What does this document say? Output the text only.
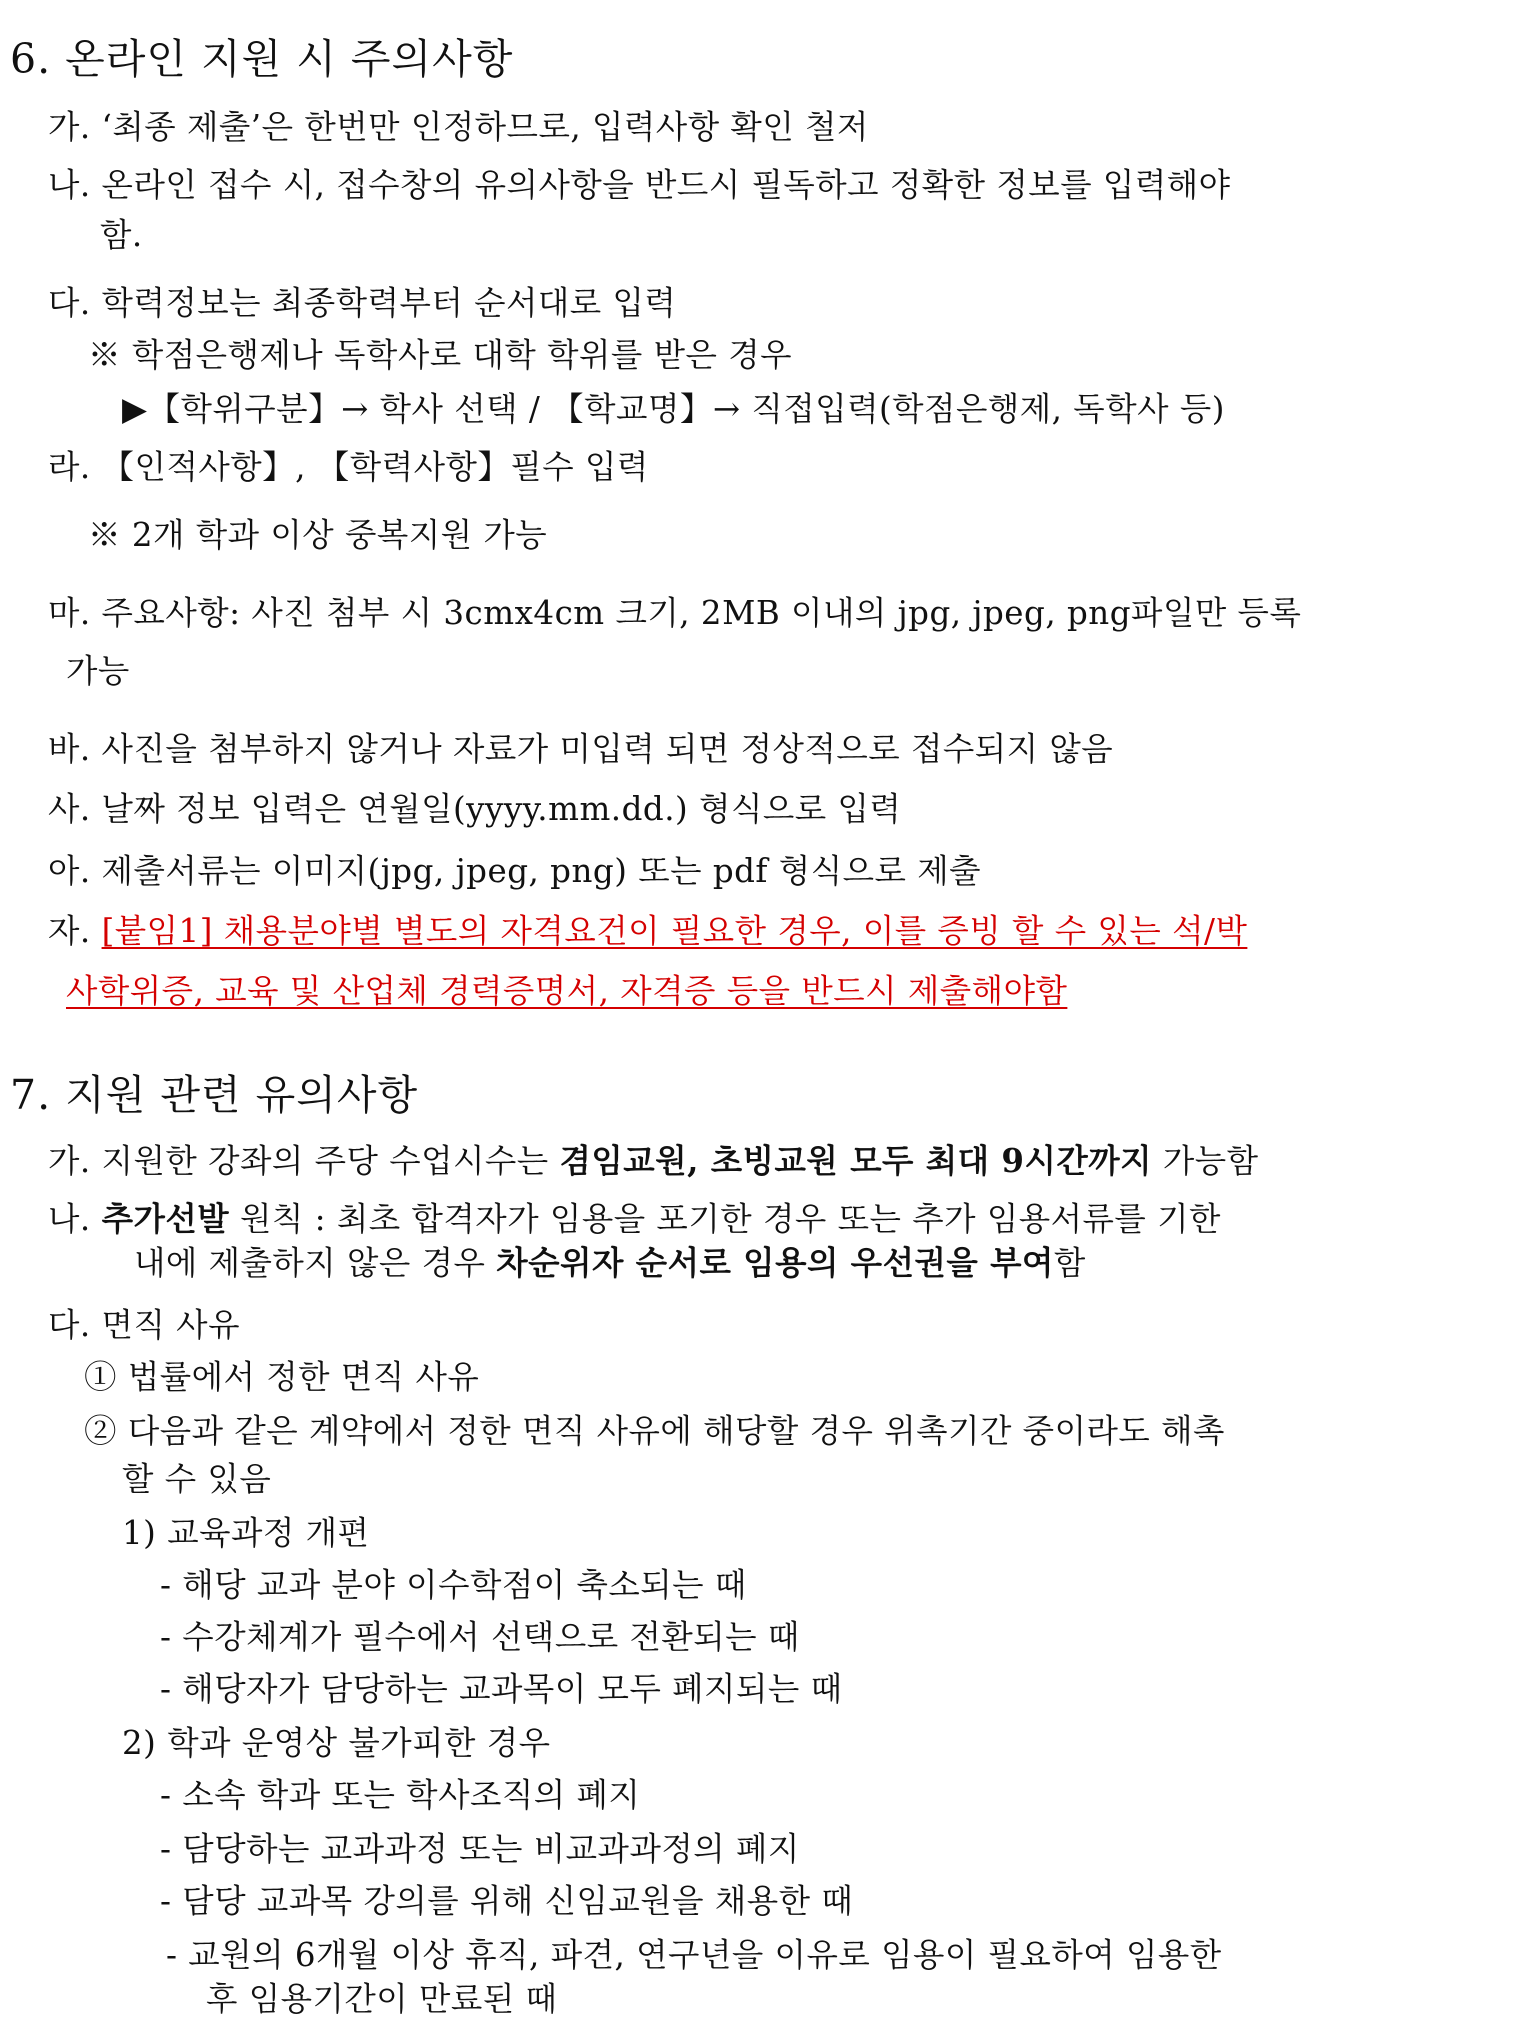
6. 온라인 지원 시 주의사항
가. ‘최종 제출’은 한번만 인정하므로, 입력사항 확인 철저
나. 온라인 접수 시, 접수창의 유의사항을 반드시 필독하고 정확한 정보를 입력해야
함.
다. 학력정보는 최종학력부터 순서대로 입력
※ 학점은행제나 독학사로 대학 학위를 받은 경우
▶【학위구분】→ 학사 선택 / 【학교명】→ 직접입력(학점은행제, 독학사 등)
라. 【인적사항】, 【학력사항】필수 입력
※ 2개 학과 이상 중복지원 가능
마. 주요사항: 사진 첨부 시 3cmx4cm 크기, 2MB 이내의 jpg, jpeg, png파일만 등록
가능
바. 사진을 첨부하지 않거나 자료가 미입력 되면 정상적으로 접수되지 않음
사. 날짜 정보 입력은 연월일(yyyy.mm.dd.) 형식으로 입력
아. 제출서류는 이미지(jpg, jpeg, png) 또는 pdf 형식으로 제출
자. [붙임1] 채용분야별 별도의 자격요건이 필요한 경우, 이를 증빙 할 수 있는 석/박
사학위증, 교육 및 산업체 경력증명서, 자격증 등을 반드시 제출해야함
7. 지원 관련 유의사항
가. 지원한 강좌의 주당 수업시수는 겸임교원, 초빙교원 모두 최대 9시간까지 가능함
나. 추가선발 원칙 : 최초 합격자가 임용을 포기한 경우 또는 추가 임용서류를 기한
내에 제출하지 않은 경우 차순위자 순서로 임용의 우선권을 부여함
다. 면직 사유
① 법률에서 정한 면직 사유
② 다음과 같은 계약에서 정한 면직 사유에 해당할 경우 위촉기간 중이라도 해촉
할 수 있음
1) 교육과정 개편
- 해당 교과 분야 이수학점이 축소되는 때
- 수강체계가 필수에서 선택으로 전환되는 때
- 해당자가 담당하는 교과목이 모두 폐지되는 때
2) 학과 운영상 불가피한 경우
- 소속 학과 또는 학사조직의 폐지
- 담당하는 교과과정 또는 비교과과정의 폐지
- 담당 교과목 강의를 위해 신임교원을 채용한 때
- 교원의 6개월 이상 휴직, 파견, 연구년을 이유로 임용이 필요하여 임용한
후 임용기간이 만료된 때
